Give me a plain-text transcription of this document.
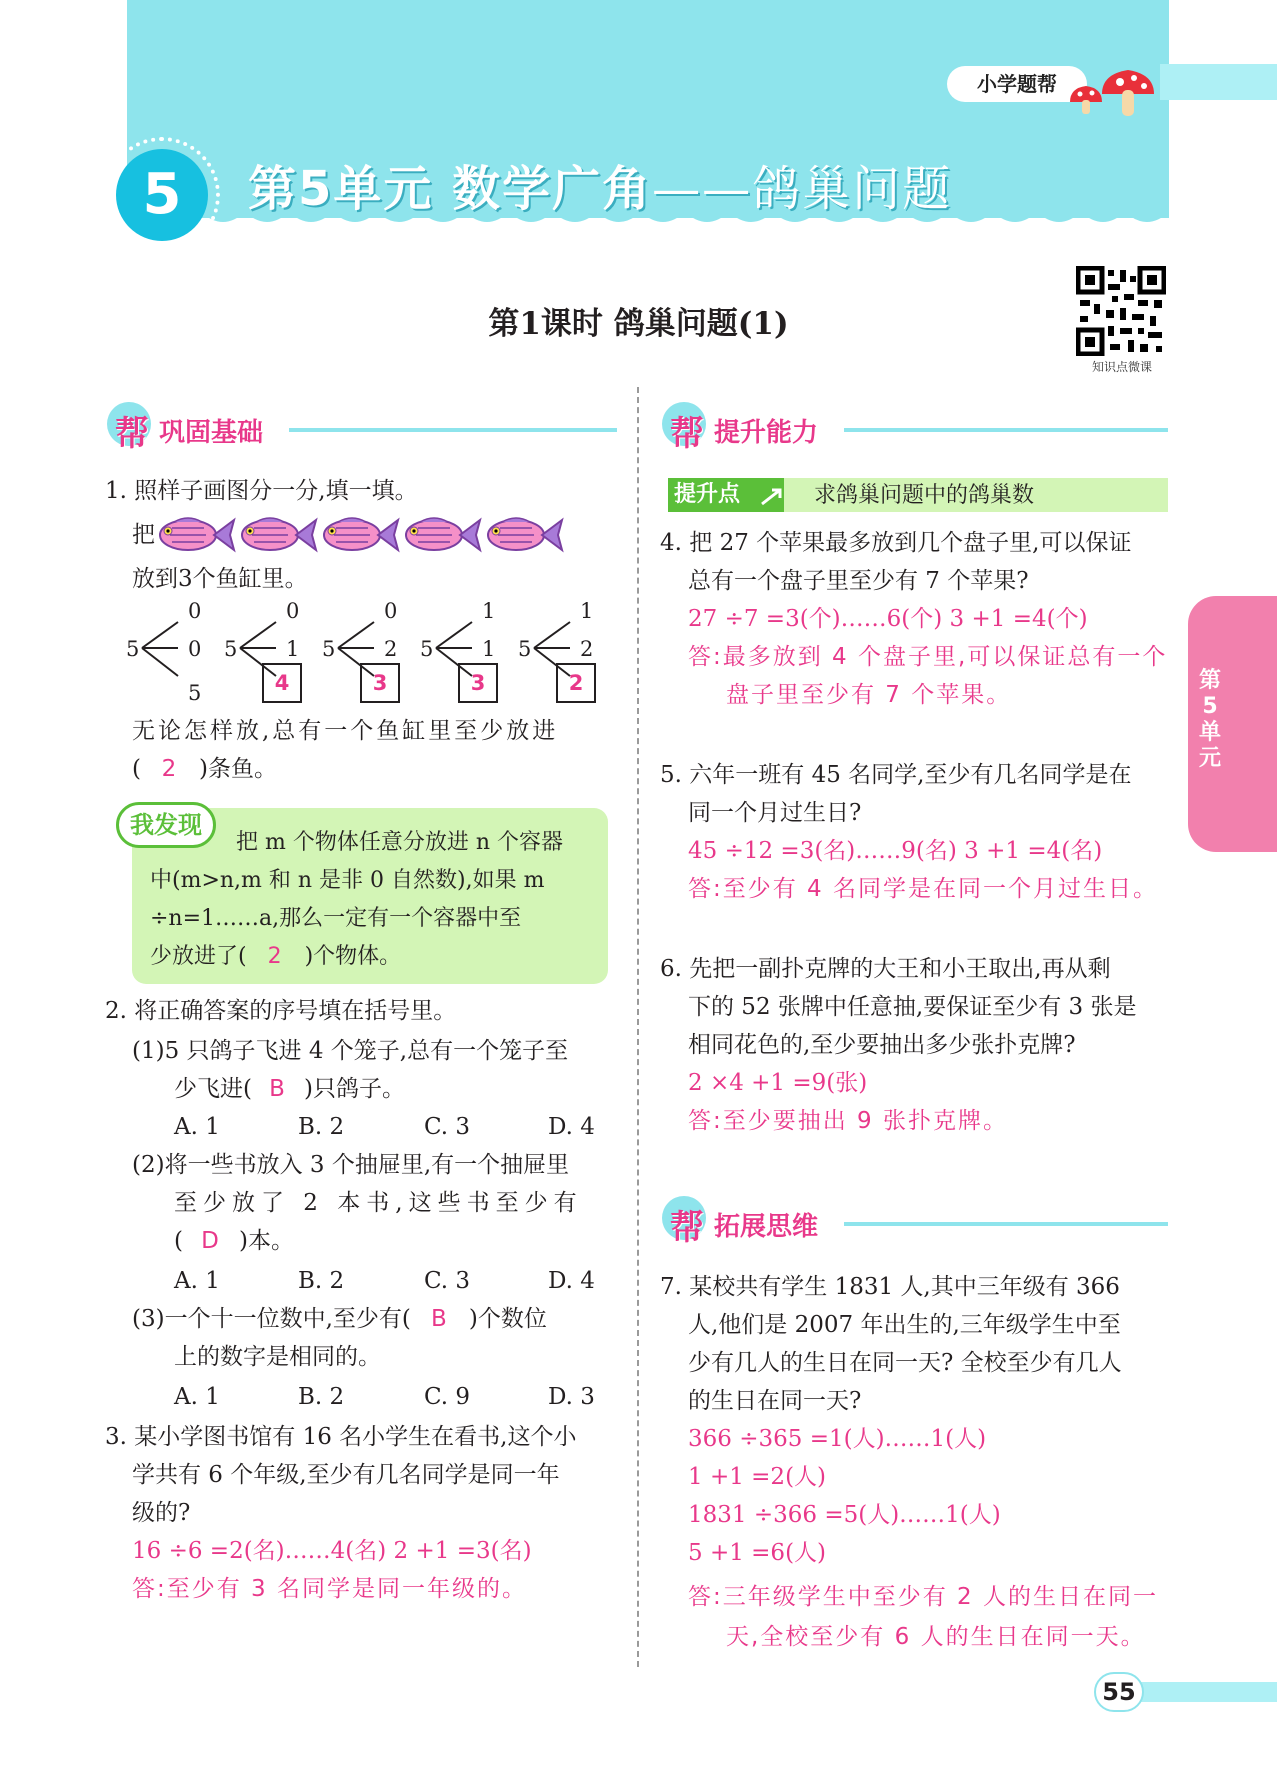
小学题帮
5	第5单元 数学广角——鸽巢问题
第1课时 鸽巢问题(1)
知识点微课
帮 巩固基础
1. 照样子画图分一分,填一填。
把
放到3个鱼缸里。
5
0
0
5
5
0
1 5
0
2 5
1
1 5
1
2
4	3	3	2
无论怎样放,总有一个鱼缸里至少放进
( 2 )条鱼。
我发现
把 m 个物体任意分放进 n 个容器
中(m>n,m 和 n 是非 0 自然数),如果 m
÷n=1……a,那么一定有一个容器中至
少放进了( 2 )个物体。
2. 将正确答案的序号填在括号里。
(1)5 只鸽子飞进 4 个笼子,总有一个笼子至
少飞进( B )只鸽子。
A. 1	B. 2	C. 3	D. 4
(2)将一些书放入 3 个抽屉里,有一个抽屉里
至少放了 2 本书,这些书至少有
( D )本。
A. 1	B. 2	C. 3	D. 4
(3)一个十一位数中,至少有( B )个数位
上的数字是相同的。
A. 1	B. 2	C. 9	D. 3
3. 某小学图书馆有 16 名小学生在看书,这个小
学共有 6 个年级,至少有几名同学是同一年
级的?
16 ÷6 =2(名)……4(名) 2 +1 =3(名)
答:至少有 3 名同学是同一年级的。
帮 提升能力
提升点	求鸽巢问题中的鸽巢数
4. 把 27 个苹果最多放到几个盘子里,可以保证
总有一个盘子里至少有 7 个苹果?
27 ÷7 =3(个)……6(个) 3 +1 =4(个)
答:最多放到 4 个盘子里,可以保证总有一个
盘子里至少有 7 个苹果。
5. 六年一班有 45 名同学,至少有几名同学是在
同一个月过生日?
45 ÷12 =3(名)……9(名) 3 +1 =4(名)
答:至少有 4 名同学是在同一个月过生日。
6. 先把一副扑克牌的大王和小王取出,再从剩
下的 52 张牌中任意抽,要保证至少有 3 张是
相同花色的,至少要抽出多少张扑克牌?
2 ×4 +1 =9(张)
答:至少要抽出 9 张扑克牌。
帮 拓展思维
7. 某校共有学生 1831 人,其中三年级有 366
人,他们是 2007 年出生的,三年级学生中至
少有几人的生日在同一天? 全校至少有几人
的生日在同一天?
366 ÷365 =1(人)……1(人)
1 +1 =2(人)
1831 ÷366 =5(人)……1(人)
5 +1 =6(人)
答:三年级学生中至少有 2 人的生日在同一
天,全校至少有 6 人的生日在同一天。
第5单元
55
